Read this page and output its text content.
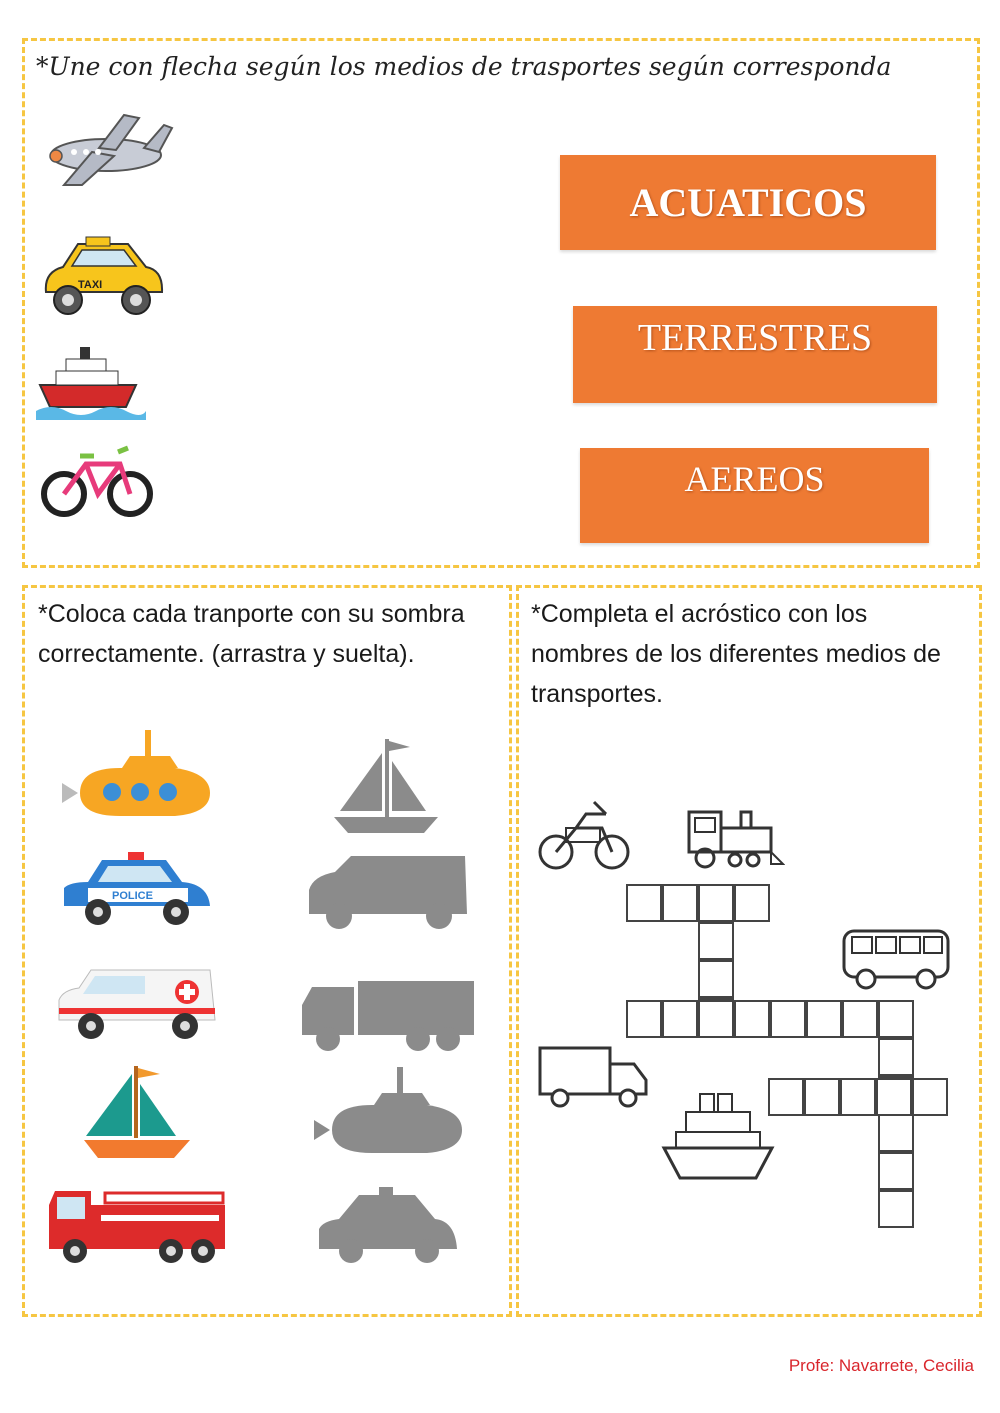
*Une con flecha según los medios de trasportes según corresponda
TAXI
ACUATICOS
TERRESTRES
AEREOS
*Coloca cada tranporte con su sombra correctamente. (arrastra y suelta).
POLICE
*Completa el acróstico con los nombres de los diferentes medios de transportes.
Profe: Navarrete, Cecilia
